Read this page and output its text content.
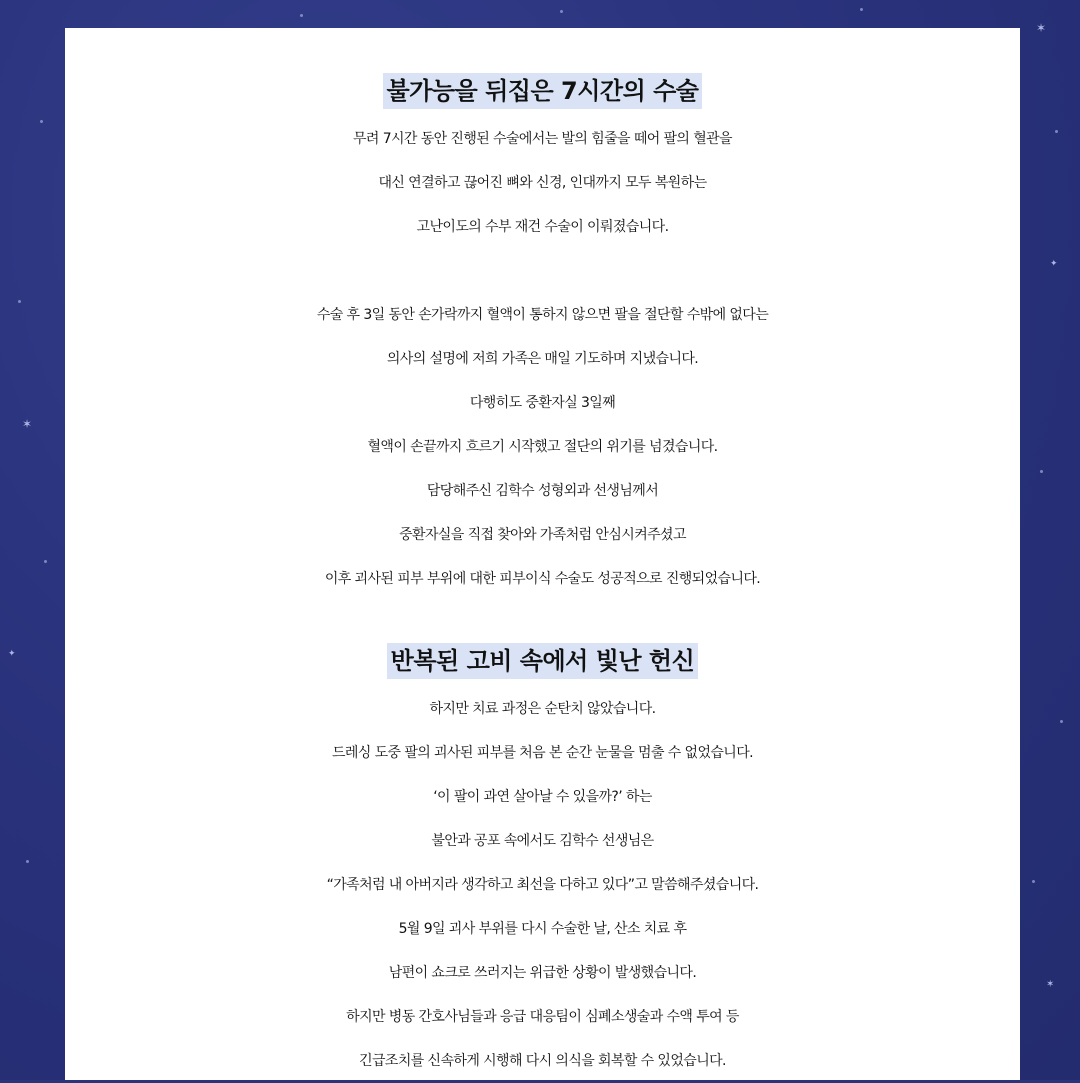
✶
✶
✦
✦
✶
불가능을 뒤집은 7시간의 수술

무려 7시간 동안 진행된 수술에서는 발의 힘줄을 떼어 팔의 혈관을

대신 연결하고 끊어진 뼈와 신경, 인대까지 모두 복원하는

고난이도의 수부 재건 수술이 이뤄졌습니다.

수술 후 3일 동안 손가락까지 혈액이 통하지 않으면 팔을 절단할 수밖에 없다는

의사의 설명에 저희 가족은 매일 기도하며 지냈습니다.

다행히도 중환자실 3일째

혈액이 손끝까지 흐르기 시작했고 절단의 위기를 넘겼습니다.

담당해주신 김학수 성형외과 선생님께서

중환자실을 직접 찾아와 가족처럼 안심시켜주셨고

이후 괴사된 피부 부위에 대한 피부이식 수술도 성공적으로 진행되었습니다.

반복된 고비 속에서 빛난 헌신

하지만 치료 과정은 순탄치 않았습니다.

드레싱 도중 팔의 괴사된 피부를 처음 본 순간 눈물을 멈출 수 없었습니다.

‘이 팔이 과연 살아날 수 있을까?’ 하는

불안과 공포 속에서도 김학수 선생님은

“가족처럼 내 아버지라 생각하고 최선을 다하고 있다”고 말씀해주셨습니다.

5월 9일 괴사 부위를 다시 수술한 날, 산소 치료 후

남편이 쇼크로 쓰러지는 위급한 상황이 발생했습니다.

하지만 병동 간호사님들과 응급 대응팀이 심폐소생술과 수액 투여 등

긴급조치를 신속하게 시행해 다시 의식을 회복할 수 있었습니다.
